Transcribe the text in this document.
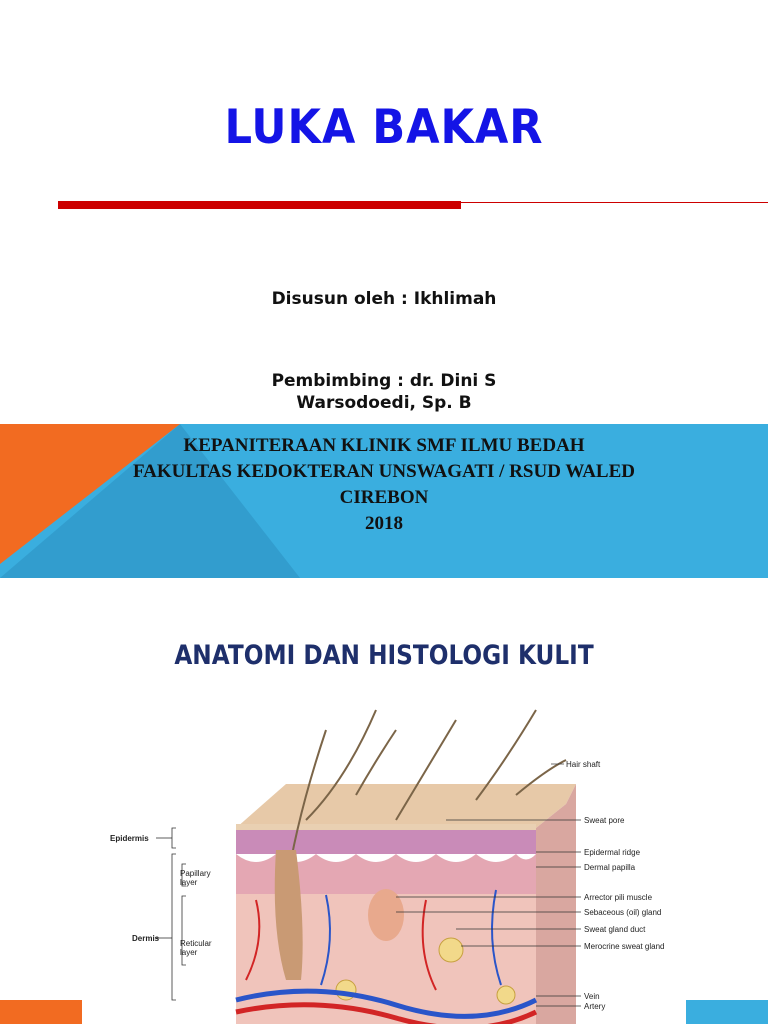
LUKA BAKAR
Disusun oleh : Ikhlimah
Pembimbing : dr. Dini S
Warsodoedi, Sp. B
KEPANITERAAN KLINIK SMF ILMU BEDAH
FAKULTAS KEDOKTERAN UNSWAGATI / RSUD WALED
CIREBON
2018
ANATOMI DAN HISTOLOGI KULIT
Epidermis
Papillary
layer
Dermis
Reticular
layer
Hair shaft
Sweat pore
Epidermal ridge
Dermal papilla
Arrector pili muscle
Sebaceous (oil) gland
Sweat gland duct
Merocrine sweat gland
Vein
Artery
